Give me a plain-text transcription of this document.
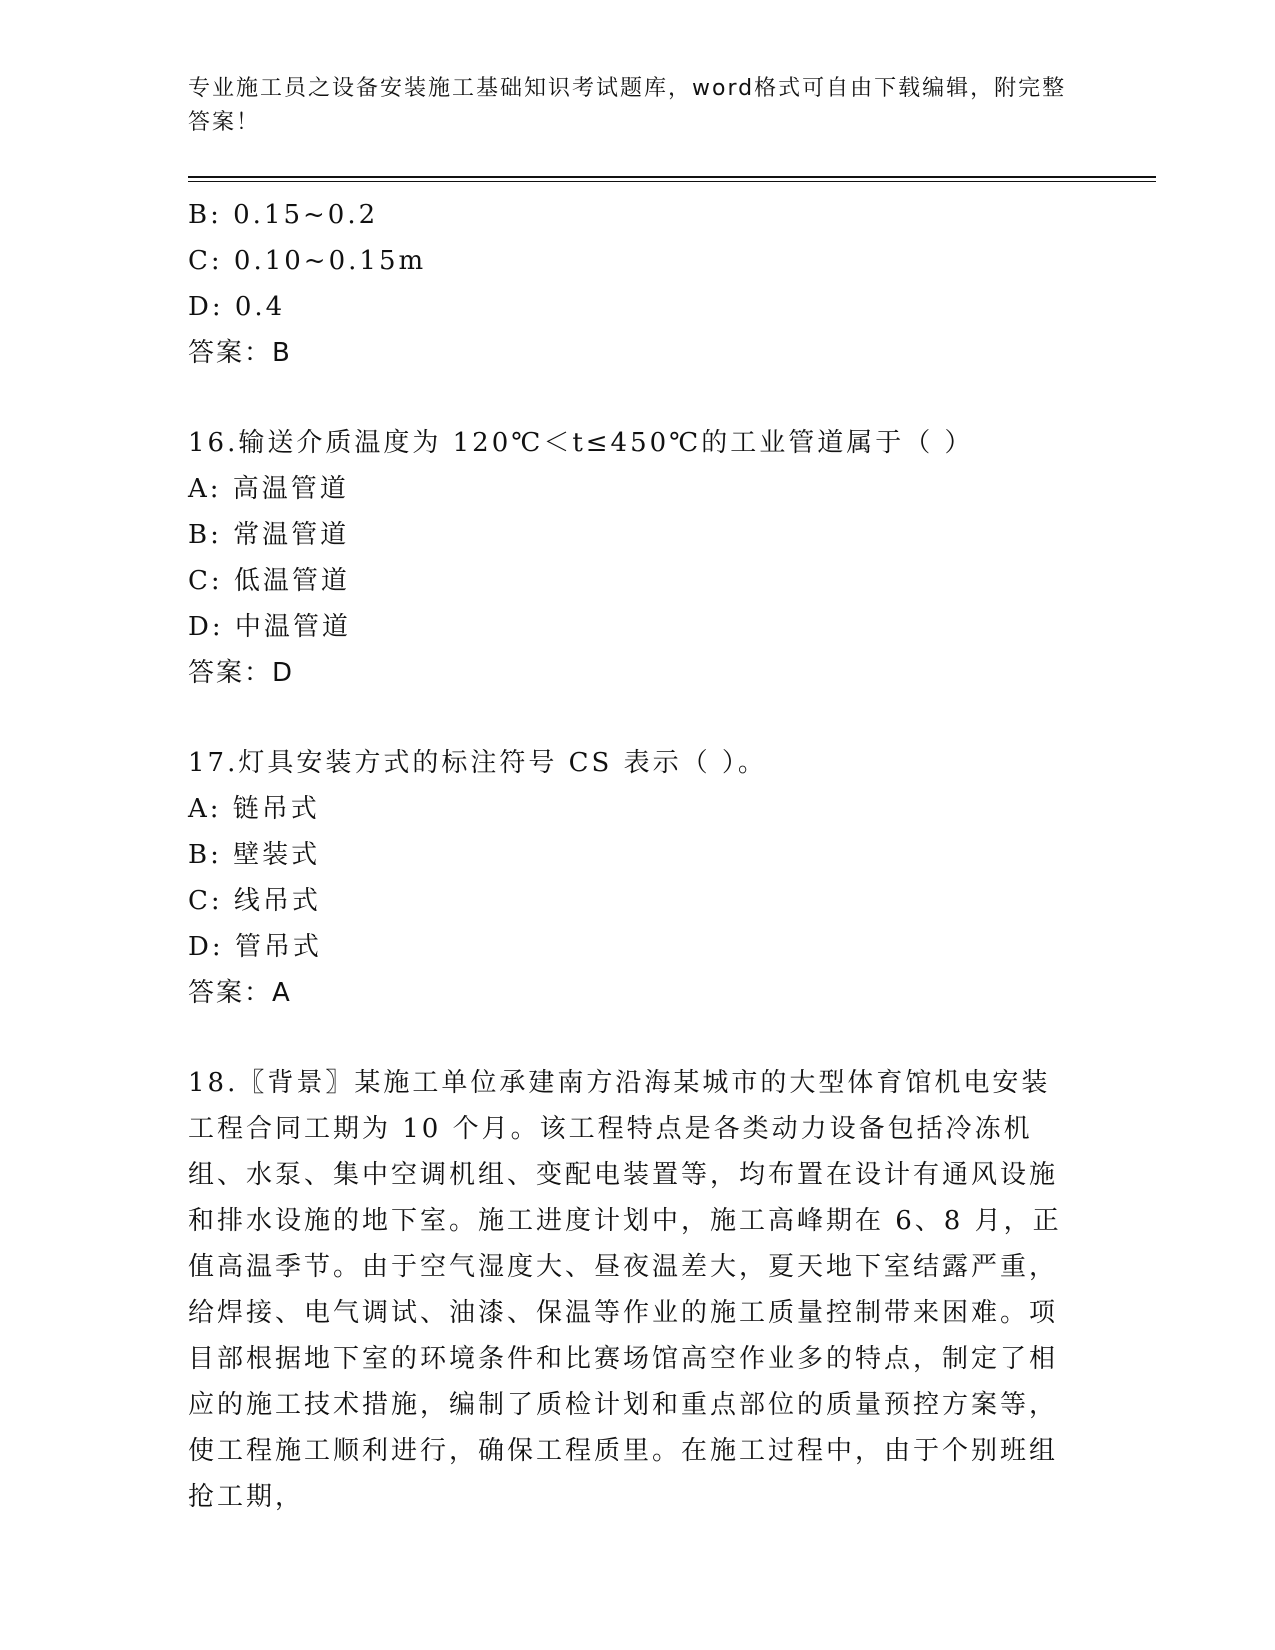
专业施工员之设备安装施工基础知识考试题库，word格式可自由下载编辑，附完整答案！
B: 0.15~0.2
C: 0.10~0.15m
D: 0.4
答案：B
16.输送介质温度为 120℃＜t≤450℃的工业管道属于（ ）
A: 高温管道
B: 常温管道
C: 低温管道
D: 中温管道
答案：D
17.灯具安装方式的标注符号 CS 表示（ ）。
A: 链吊式
B: 壁装式
C: 线吊式
D: 管吊式
答案：A
18.〖背景〗某施工单位承建南方沿海某城市的大型体育馆机电安装工程合同工期为 10 个月。该工程特点是各类动力设备包括冷冻机组、水泵、集中空调机组、变配电装置等，均布置在设计有通风设施和排水设施的地下室。施工进度计划中，施工高峰期在 6、8 月，正值高温季节。由于空气湿度大、昼夜温差大，夏天地下室结露严重，给焊接、电气调试、油漆、保温等作业的施工质量控制带来困难。项目部根据地下室的环境条件和比赛场馆高空作业多的特点，制定了相应的施工技术措施，编制了质检计划和重点部位的质量预控方案等，使工程施工顺利进行，确保工程质里。在施工过程中，由于个别班组抢工期，
